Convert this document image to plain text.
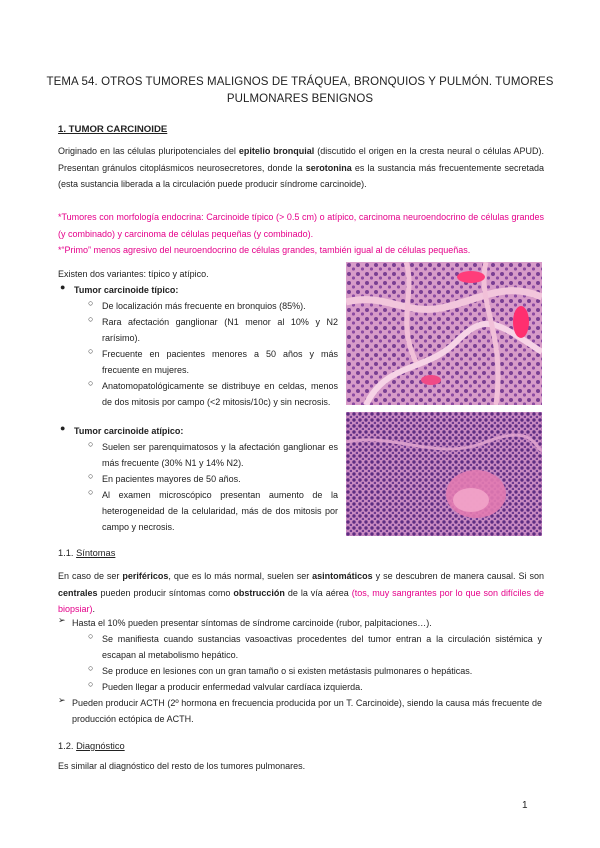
TEMA 54. OTROS TUMORES MALIGNOS DE TRÁQUEA, BRONQUIOS Y PULMÓN. TUMORES
PULMONARES BENIGNOS
1. TUMOR CARCINOIDE
Originado en las células pluripotenciales del epitelio bronquial (discutido el origen en la cresta neural o células APUD). Presentan gránulos citoplásmicos neurosecretores, donde la serotonina es la sustancia más frecuentemente secretada (esta sustancia liberada a la circulación puede producir síndrome carcinoide).
*Tumores con morfología endocrina: Carcinoide típico (> 0.5 cm) o atípico, carcinoma neuroendocrino de células grandes (y combinado) y carcinoma de células pequeñas (y combinado).
*“Primo” menos agresivo del neuroendocrino de células grandes, también igual al de células pequeñas.
Existen dos variantes: típico y atípico.
● Tumor carcinoide típico:
○ De localización más frecuente en bronquios (85%).
○ Rara afectación ganglionar (N1 menor al 10% y N2 rarísimo).
○ Frecuente en pacientes menores a 50 años y más frecuente en mujeres.
○ Anatomopatológicamente se distribuye en celdas, menos de dos mitosis por campo (<2 mitosis/10c) y sin necrosis.
● Tumor carcinoide atípico:
○ Suelen ser parenquimatosos y la afectación ganglionar es más frecuente (30% N1 y 14% N2).
○ En pacientes mayores de 50 años.
○ Al examen microscópico presentan aumento de la heterogeneidad de la celularidad, más de dos mitosis por campo y necrosis.
1.1. Síntomas
En caso de ser periféricos, que es lo más normal, suelen ser asintomáticos y se descubren de manera causal. Si son centrales pueden producir síntomas como obstrucción de la vía aérea (tos, muy sangrantes por lo que son difíciles de biopsiar).
➢ Hasta el 10% pueden presentar síntomas de síndrome carcinoide (rubor, palpitaciones…).
○ Se manifiesta cuando sustancias vasoactivas procedentes del tumor entran a la circulación sistémica y escapan al metabolismo hepático.
○ Se produce en lesiones con un gran tamaño o si existen metástasis pulmonares o hepáticas.
○ Pueden llegar a producir enfermedad valvular cardíaca izquierda.
➢ Pueden producir ACTH (2º hormona en frecuencia producida por un T. Carcinoide), siendo la causa más frecuente de producción ectópica de ACTH.
1.2. Diagnóstico
Es similar al diagnóstico del resto de los tumores pulmonares.
1
